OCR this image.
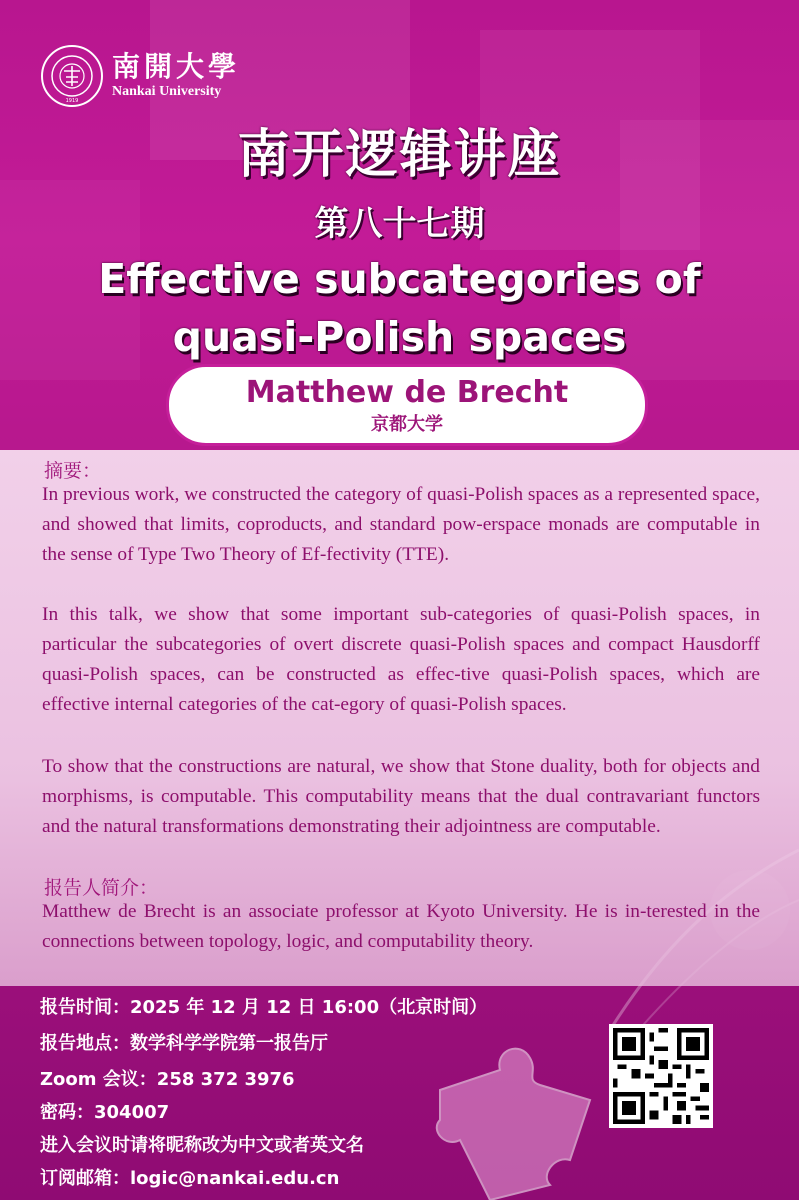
1919
南開大學
Nankai University
南开逻辑讲座
第八十七期
Effective subcategories of
quasi-Polish spaces
Matthew de Brecht
京都大学
摘要：

In previous work, we constructed the category of quasi-Polish spaces as a represented space, and showed that limits, coproducts, and standard pow-erspace monads are computable in the sense of Type Two Theory of Ef-fectivity (TTE).

In this talk, we show that some important sub-categories of quasi-Polish spaces, in particular the subcategories of overt discrete quasi-Polish spaces and compact Hausdorff quasi-Polish spaces, can be constructed as effec-tive quasi-Polish spaces, which are effective internal categories of the cat-egory of quasi-Polish spaces.

To show that the constructions are natural, we show that Stone duality, both for objects and morphisms, is computable. This computability means that the dual contravariant functors and the natural transformations demonstrating their adjointness are computable.

报告人简介：

Matthew de Brecht is an associate professor at Kyoto University. He is in-terested in the connections between topology, logic, and computability theory.

报告时间：2025 年 12 月 12 日 16:00（北京时间）
报告地点：数学科学学院第一报告厅
Zoom 会议：258 372 3976
密码：304007
进入会议时请将昵称改为中文或者英文名
订阅邮箱：logic@nankai.edu.cn
